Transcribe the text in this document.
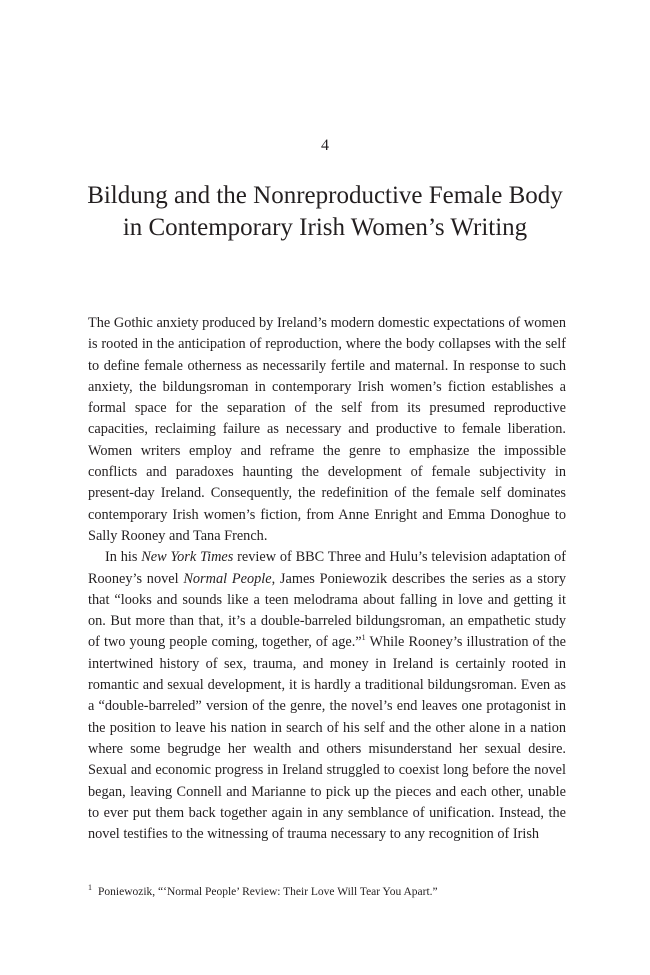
4
Bildung and the Nonreproductive Female Body
in Contemporary Irish Women’s Writing

The Gothic anxiety produced by Ireland’s modern domestic expectations of women is rooted in the anticipation of reproduction, where the body collapses with the self to define female otherness as necessarily fertile and maternal. In response to such anxiety, the bildungsroman in contemporary Irish women’s fiction establishes a formal space for the separation of the self from its presumed reproductive capacities, reclaiming failure as necessary and productive to female liberation. Women writers employ and reframe the genre to emphasize the impossible conflicts and paradoxes haunting the development of female subjectivity in present-day Ireland. Consequently, the redefinition of the female self dominates contemporary Irish women’s fiction, from Anne Enright and Emma Donoghue to Sally Rooney and Tana French.

In his New York Times review of BBC Three and Hulu’s television adaptation of Rooney’s novel Normal People, James Poniewozik describes the series as a story that “looks and sounds like a teen melodrama about falling in love and getting it on. But more than that, it’s a double-barreled bildungsroman, an empathetic study of two young people coming, together, of age.”$^1$ While Rooney’s illustration of the intertwined history of sex, trauma, and money in Ireland is certainly rooted in romantic and sexual development, it is hardly a traditional bildungsroman. Even as a “double-barreled” version of the genre, the novel’s end leaves one protagonist in the position to leave his nation in search of his self and the other alone in a nation where some begrudge her wealth and others misunderstand her sexual desire. Sexual and economic progress in Ireland struggled to coexist long before the novel began, leaving Connell and Marianne to pick up the pieces and each other, unable to ever put them back together again in any semblance of unification. Instead, the novel testifies to the witnessing of trauma necessary to any recognition of Irish

$^1$ Poniewozik, “‘Normal People’ Review: Their Love Will Tear You Apart.”
